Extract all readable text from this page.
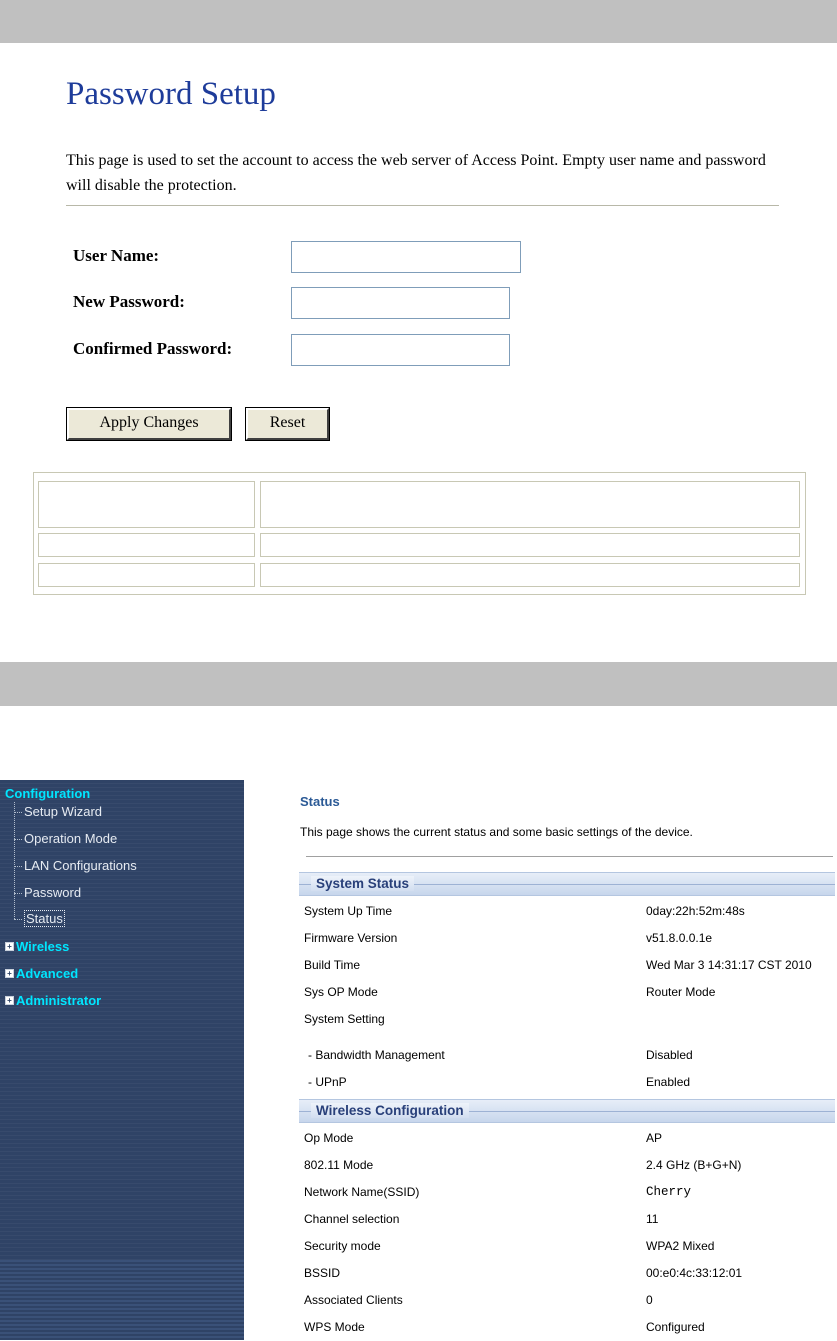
Password Setup
This page is used to set the account to access the web server of Access Point. Empty user name and password will disable the protection.
User Name:
New Password:
Confirmed Password:
Apply Changes	Reset
Configuration
Setup Wizard
Operation Mode
LAN Configurations
Password
Status
+ Wireless
+ Advanced
+ Administrator
Status
This page shows the current status and some basic settings of the device.
System Status
System Up Time	0day:22h:52m:48s
Firmware Version	v51.8.0.0.1e
Build Time	Wed Mar 3 14:31:17 CST 2010
Sys OP Mode	Router Mode
System Setting
- Bandwidth Management	Disabled
- UPnP	Enabled
Wireless Configuration
Op Mode	AP
802.11 Mode	2.4 GHz (B+G+N)
Network Name(SSID)	Cherry
Channel selection	11
Security mode	WPA2 Mixed
BSSID	00:e0:4c:33:12:01
Associated Clients	0
WPS Mode	Configured
